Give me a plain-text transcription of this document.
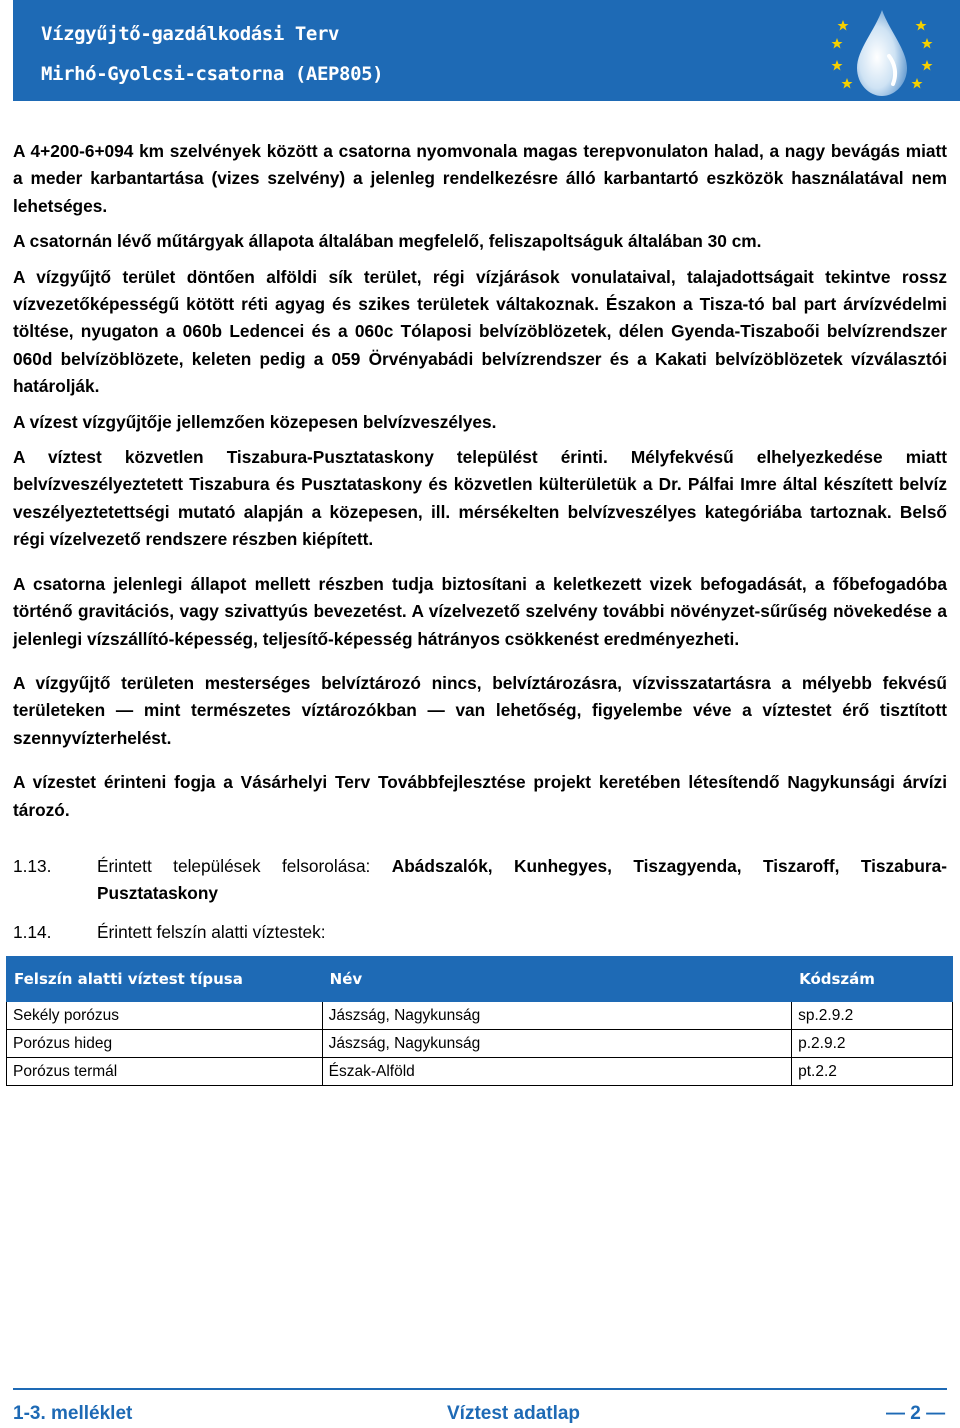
Vízgyűjtő-gazdálkodási Terv
Mirhó-Gyolcsi-csatorna (AEP805)

A 4+200-6+094 km szelvények között a csatorna nyomvonala magas terepvonulaton halad, a nagy bevágás miatt a meder karbantartása (vizes szelvény) a jelenleg rendelkezésre álló karbantartó eszközök használatával nem lehetséges.

A csatornán lévő műtárgyak állapota általában megfelelő, feliszapoltságuk általában 30 cm.

A vízgyűjtő terület döntően alföldi sík terület, régi vízjárások vonulataival, talajadottságait tekintve rossz vízvezetőképességű kötött réti agyag és szikes területek váltakoznak. Északon a Tisza-tó bal part árvízvédelmi töltése, nyugaton a 060b Ledencei és a 060c Tólaposi belvízöblözetek, délen Gyenda-Tiszaboői belvízrendszer 060d belvízöblözete, keleten pedig a 059 Örvényabádi belvízrendszer és a Kakati belvízöblözetek vízválasztói határolják.

A vízest vízgyűjtője jellemzően közepesen belvízveszélyes.

A víztest közvetlen Tiszabura-Pusztataskony települést érinti. Mélyfekvésű elhelyezkedése miatt belvízveszélyeztetett Tiszabura és Pusztataskony és közvetlen külterületük a Dr. Pálfai Imre által készített belvíz veszélyeztetettségi mutató alapján a közepesen, ill. mérsékelten belvízveszélyes kategóriába tartoznak. Belső régi vízelvezető rendszere részben kiépített.

A csatorna jelenlegi állapot mellett részben tudja biztosítani a keletkezett vizek befogadását, a főbefogadóba történő gravitációs, vagy szivattyús bevezetést. A vízelvezető szelvény további növényzet-sűrűség növekedése a jelenlegi vízszállító-képesség, teljesítő-képesség hátrányos csökkenést eredményezheti.

A vízgyűjtő területen mesterséges belvíztározó nincs, belvíztározásra, vízvisszatartásra a mélyebb fekvésű területeken — mint természetes víztározókban — van lehetőség, figyelembe véve a víztestet érő tisztított szennyvízterhelést.

A vízestet érinteni fogja a Vásárhelyi Terv Továbbfejlesztése projekt keretében létesítendő Nagykunsági árvízi tározó.

1.13.	Érintett települések felsorolása: Abádszalók, Kunhegyes, Tiszagyenda, Tiszaroff, Tiszabura-Pusztataskony
1.14.	Érintett felszín alatti víztestek:
Felszín alatti víztest típusa	Név	Kódszám
Sekély porózus	Jászság, Nagykunság	sp.2.9.2
Porózus hideg	Jászság, Nagykunság	p.2.9.2
Porózus termál	Észak-Alföld	pt.2.2
1-3. melléklet	Víztest adatlap	— 2 —
